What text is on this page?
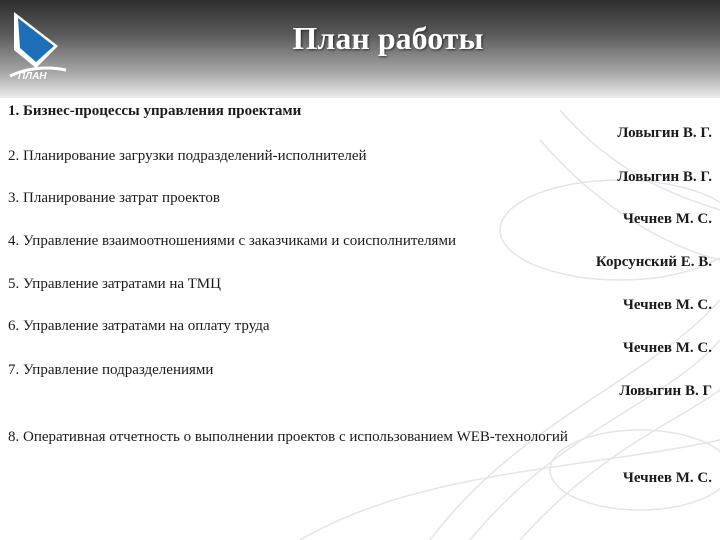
ПЛАН
План работы
1. Бизнес-процессы управления проектами
Ловыгин В. Г.
2. Планирование загрузки подразделений-исполнителей
Ловыгин В. Г.
3. Планирование затрат проектов
Чечнев М. С.
4. Управление взаимоотношениями с заказчиками и соисполнителями
Корсунский Е. В.
5. Управление затратами на ТМЦ
Чечнев М. С.
6. Управление затратами на оплату труда
Чечнев М. С.
7. Управление подразделениями
Ловыгин В. Г
8. Оперативная отчетность о выполнении проектов с использованием WEB-технологий
Чечнев М. С.
